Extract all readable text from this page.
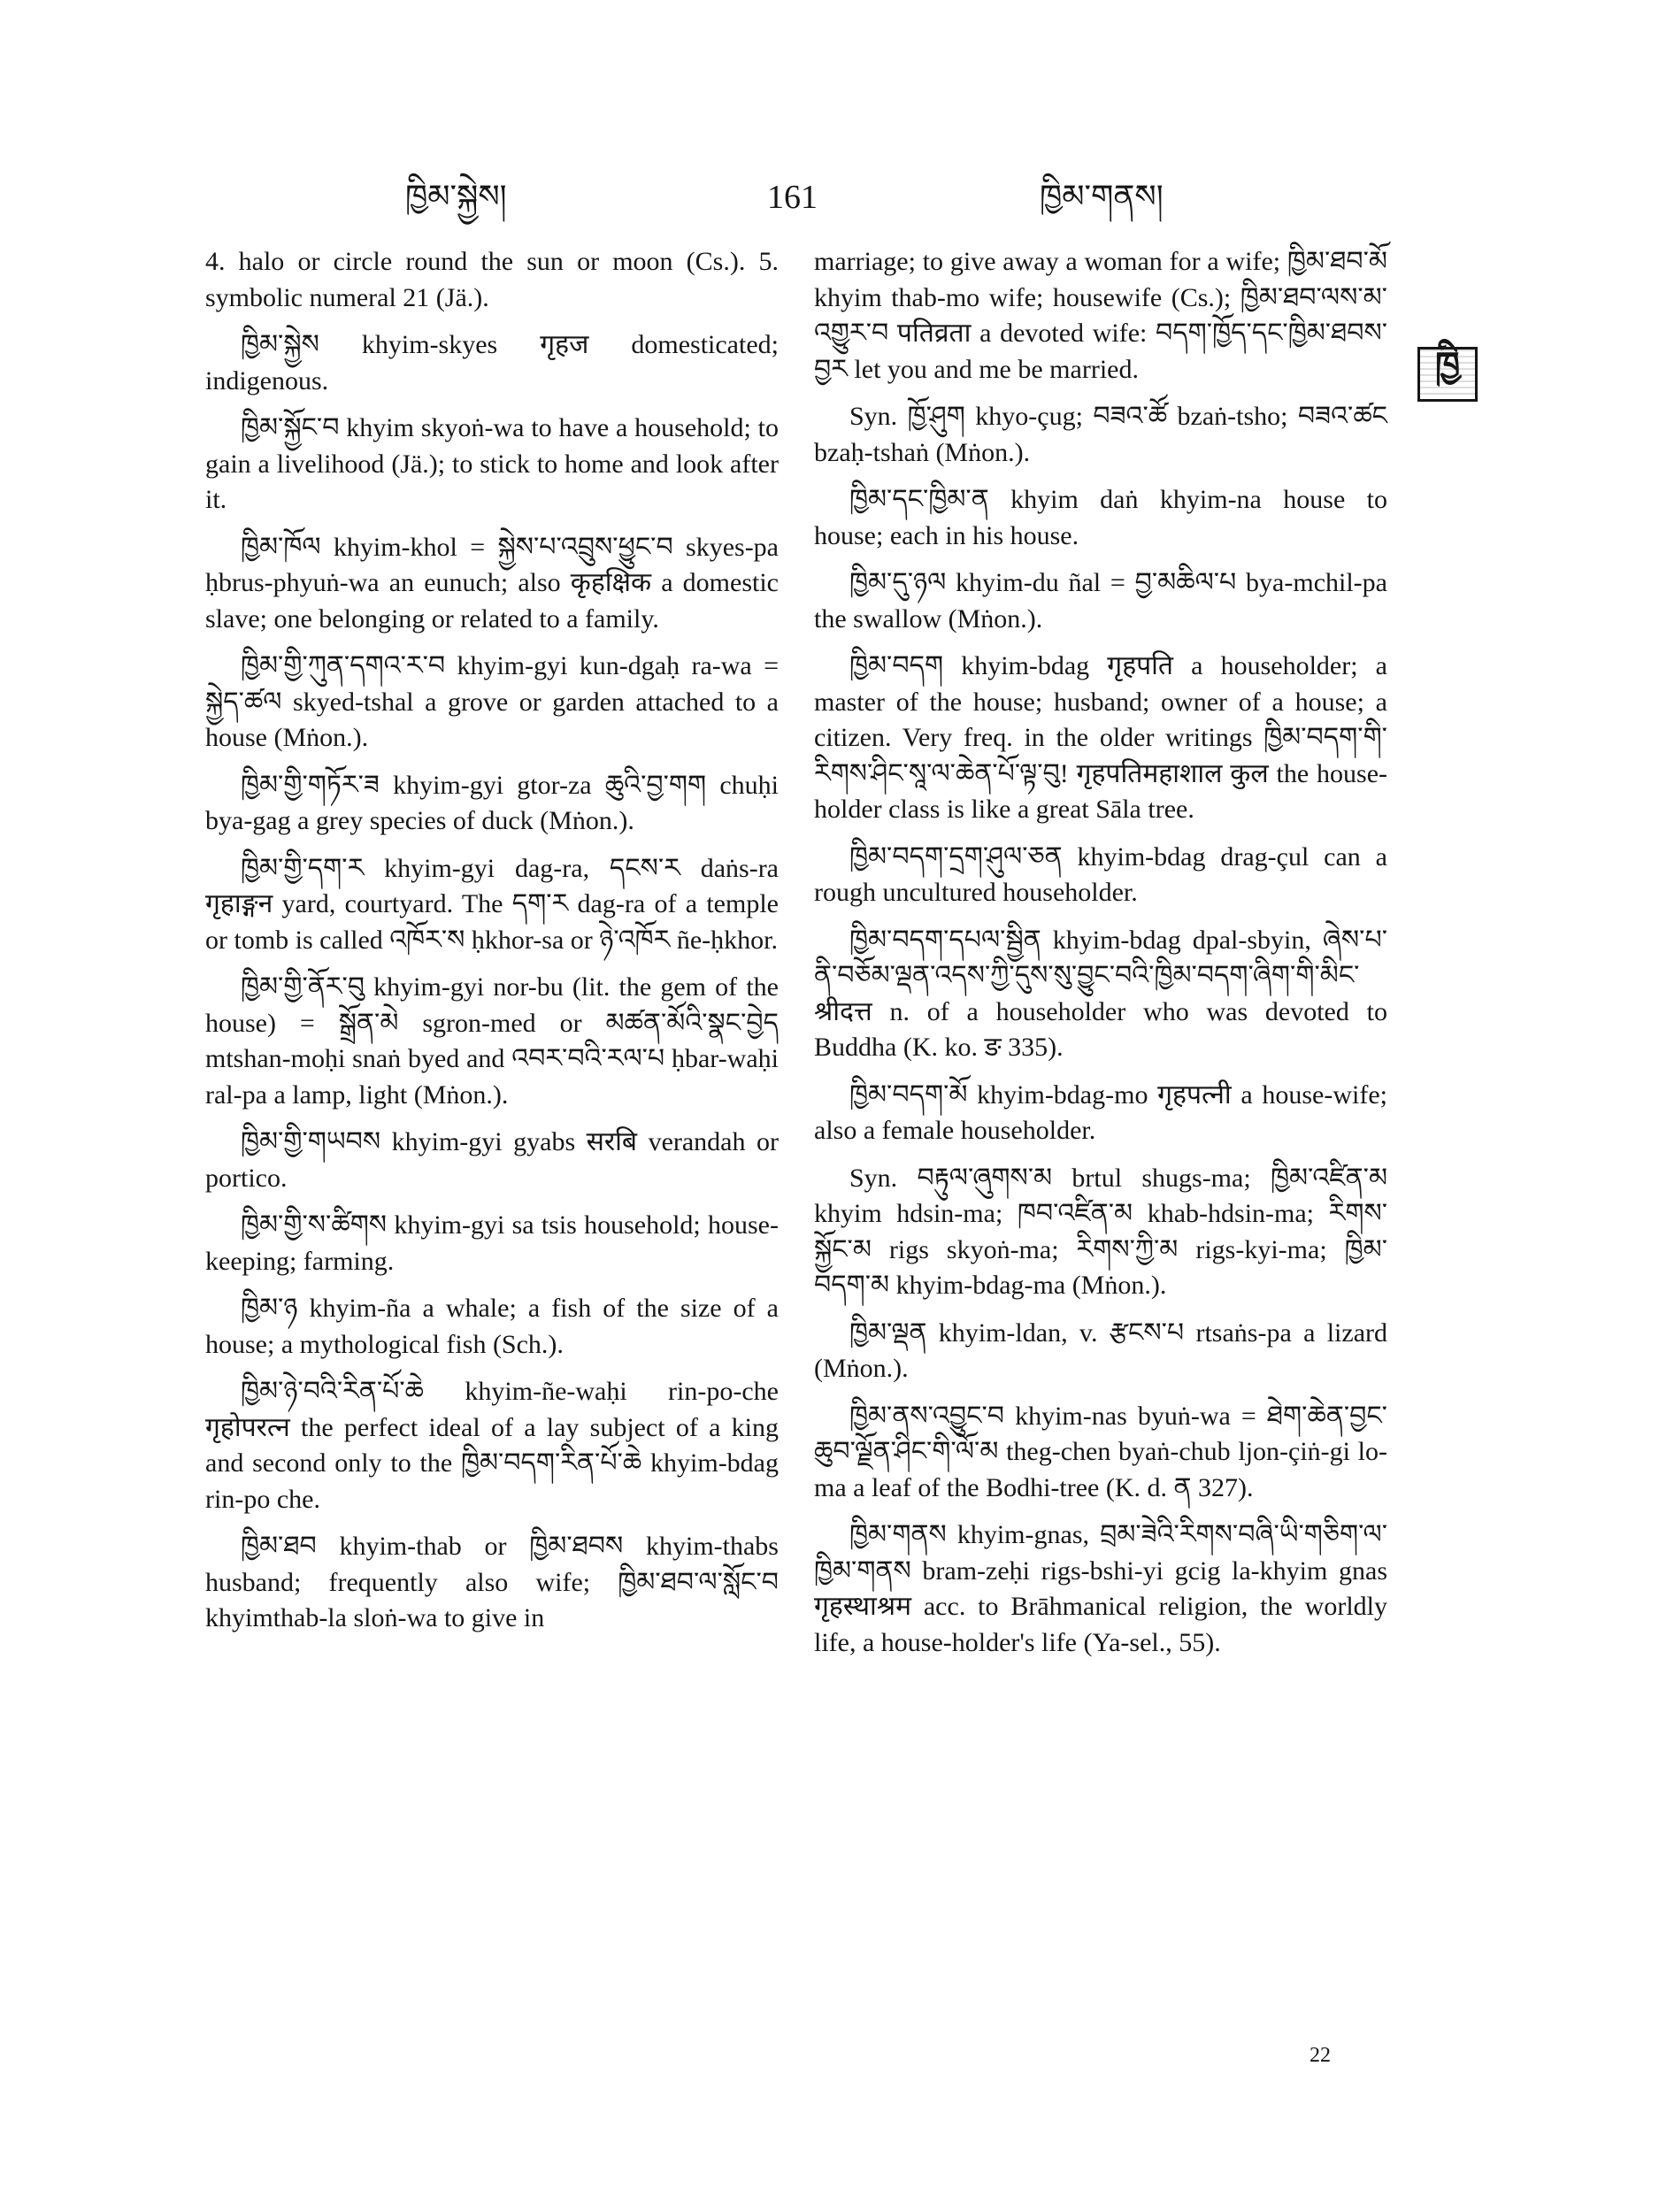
ཁྱིམ་སྐྱེས།	161	ཁྱིམ་གནས།
ཁྱི

4. halo or circle round the sun or moon (Cs.). 5. symbolic numeral 21 (Jä.).

ཁྱིམ་སྐྱེས khyim-skyes गृहज domesticated; indigenous.

ཁྱིམ་སྐྱོང་བ khyim skyoṅ-wa to have a household; to gain a livelihood (Jä.); to stick to home and look after it.

ཁྱིམ་ཁོལ khyim-khol = སྐྱེས་པ་འབྲུས་ཕྱུང་བ skyes-pa ḥbrus-phyuṅ-wa an eunuch; also कृहक्षिक a domestic slave; one belonging or related to a family.

ཁྱིམ་གྱི་ཀུན་དགའ་ར་བ khyim-gyi kun-dgaḥ ra-wa = སྐྱེད་ཚལ skyed-tshal a grove or garden attached to a house (Mṅon.).

ཁྱིམ་གྱི་གཏོར་ཟ khyim-gyi gtor-za ཆུའི་བྱ་གག chuḥi bya-gag a grey species of duck (Mṅon.).

ཁྱིམ་གྱི་དག་ར khyim-gyi dag-ra, དངས་ར daṅs-ra गृहाङ्गन yard, courtyard. The དག་ར dag-ra of a temple or tomb is called འཁོར་ས ḥkhor-sa or ཉེ་འཁོར ñe-ḥkhor.

ཁྱིམ་གྱི་ནོར་བུ khyim-gyi nor-bu (lit. the gem of the house) = སྒྲོན་མེ sgron-med or མཚན་མོའི་སྣང་བྱེད mtshan-moḥi snaṅ byed and འབར་བའི་རལ་པ ḥbar-waḥi ral-pa a lamp, light (Mṅon.).

ཁྱིམ་གྱི་གཡབས khyim-gyi gyabs सरबि verandah or portico.

ཁྱིམ་གྱི་ས་ཚིགས khyim-gyi sa tsis household; house-keeping; farming.

ཁྱིམ་ཉ khyim-ña a whale; a fish of the size of a house; a mythological fish (Sch.).

ཁྱིམ་ཉེ་བའི་རིན་པོ་ཆེ khyim-ñe-waḥi rin-po-che गृहोपरत्न the perfect ideal of a lay subject of a king and second only to the ཁྱིམ་བདག་རིན་པོ་ཆེ khyim-bdag rin-po che.

ཁྱིམ་ཐབ khyim-thab or ཁྱིམ་ཐབས khyim-thabs husband; frequently also wife; ཁྱིམ་ཐབ་ལ་སློང་བ khyimthab-la sloṅ-wa to give in

marriage; to give away a woman for a wife; ཁྱིམ་ཐབ་མོ khyim thab-mo wife; housewife (Cs.); ཁྱིམ་ཐབ་ལས་མ་འགྱུར་བ पतिव्रता a devoted wife: བདག་ཁྱོད་དང་ཁྱིམ་ཐབས་བྱར let you and me be married.

Syn. ཁྱོ་ཤུག khyo-çug; བཟའ་ཚོ bzaṅ-tsho; བཟའ་ཚང bzaḥ-tshaṅ (Mṅon.).

ཁྱིམ་དང་ཁྱིམ་ན khyim daṅ khyim-na house to house; each in his house.

ཁྱིམ་དུ་ཉལ khyim-du ñal = བྱ་མཆིལ་པ bya-mchil-pa the swallow (Mṅon.).

ཁྱིམ་བདག khyim-bdag गृहपति a householder; a master of the house; husband; owner of a house; a citizen. Very freq. in the older writings ཁྱིམ་བདག་གི་རིགས་ཤིང་སཱ་ལ་ཆེན་པོ་ལྟ་བུ! गृहपतिमहाशाल कुल the house-holder class is like a great Sāla tree.

ཁྱིམ་བདག་དྲག་ཤུལ་ཅན khyim-bdag drag-çul can a rough uncultured householder.

ཁྱིམ་བདག་དཔལ་སྦྱིན khyim-bdag dpal-sbyin, ཞེས་པ་ནི་བཅོམ་ལྡན་འདས་ཀྱི་དུས་སུ་བྱུང་བའི་ཁྱིམ་བདག་ཞིག་གི་མིང་ श्रीदत्त n. of a householder who was devoted to Buddha (K. ko. ङ 335).

ཁྱིམ་བདག་མོ khyim-bdag-mo गृहपत्नी a house-wife; also a female householder.

Syn. བརྟུལ་ཞུགས་མ brtul shugs-ma; ཁྱིམ་འཛིན་མ khyim hdsin-ma; ཁབ་འཛིན་མ khab-hdsin-ma; རིགས་སྐྱོང་མ rigs skyoṅ-ma; རིགས་ཀྱི་མ rigs-kyi-ma; ཁྱིམ་བདག་མ khyim-bdag-ma (Mṅon.).

ཁྱིམ་ལྡན khyim-ldan, v. རྩངས་པ rtsaṅs-pa a lizard (Mṅon.).

ཁྱིམ་ནས་འབྱུང་བ khyim-nas byuṅ-wa = ཐེག་ཆེན་བྱང་ཆུབ་ལྗོན་ཤིང་གི་ལོ་མ theg-chen byaṅ-chub ljon-çiṅ-gi lo-ma a leaf of the Bodhi-tree (K. d. ན 327).

ཁྱིམ་གནས khyim-gnas, བྲམ་ཟེའི་རིགས་བཞི་ཡི་གཅིག་ལ་ཁྱིམ་གནས bram-zeḥi rigs-bshi-yi gcig la-khyim gnas गृहस्थाश्रम acc. to Brāhmanical religion, the worldly life, a house-holder's life (Ya-sel., 55).

22
